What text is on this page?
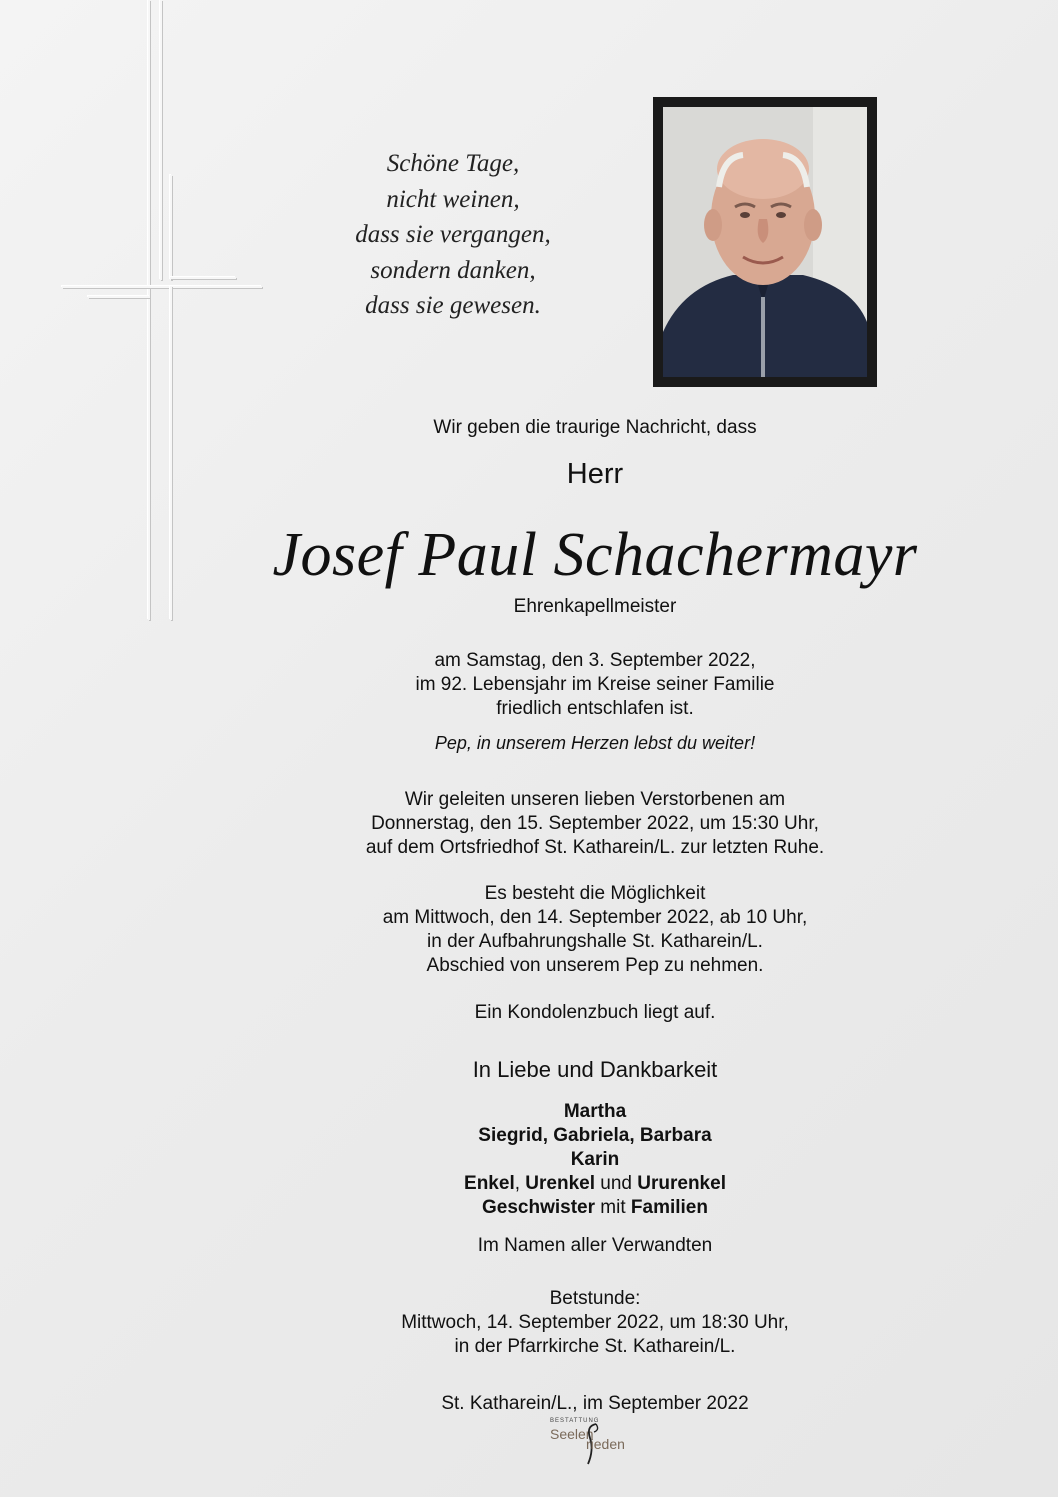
Schöne Tage,
nicht weinen,
dass sie vergangen,
sondern danken,
dass sie gewesen.
Wir geben die traurige Nachricht, dass
Herr
Josef Paul Schachermayr
Ehrenkapellmeister
am Samstag, den 3. September 2022,
im 92. Lebensjahr im Kreise seiner Familie
friedlich entschlafen ist.
Pep, in unserem Herzen lebst du weiter!
Wir geleiten unseren lieben Verstorbenen am
Donnerstag, den 15. September 2022, um 15:30 Uhr,
auf dem Ortsfriedhof St. Katharein/L. zur letzten Ruhe.
Es besteht die Möglichkeit
am Mittwoch, den 14. September 2022, ab 10 Uhr,
in der Aufbahrungshalle St. Katharein/L.
Abschied von unserem Pep zu nehmen.
Ein Kondolenzbuch liegt auf.
In Liebe und Dankbarkeit
Martha
Siegrid, Gabriela, Barbara
Karin
Enkel, Urenkel und Ururenkel
Geschwister mit Familien
Im Namen aller Verwandten
Betstunde:
Mittwoch, 14. September 2022, um 18:30 Uhr,
in der Pfarrkirche St. Katharein/L.
St. Katharein/L., im September 2022
BESTATTUNG
Seelen
rieden
